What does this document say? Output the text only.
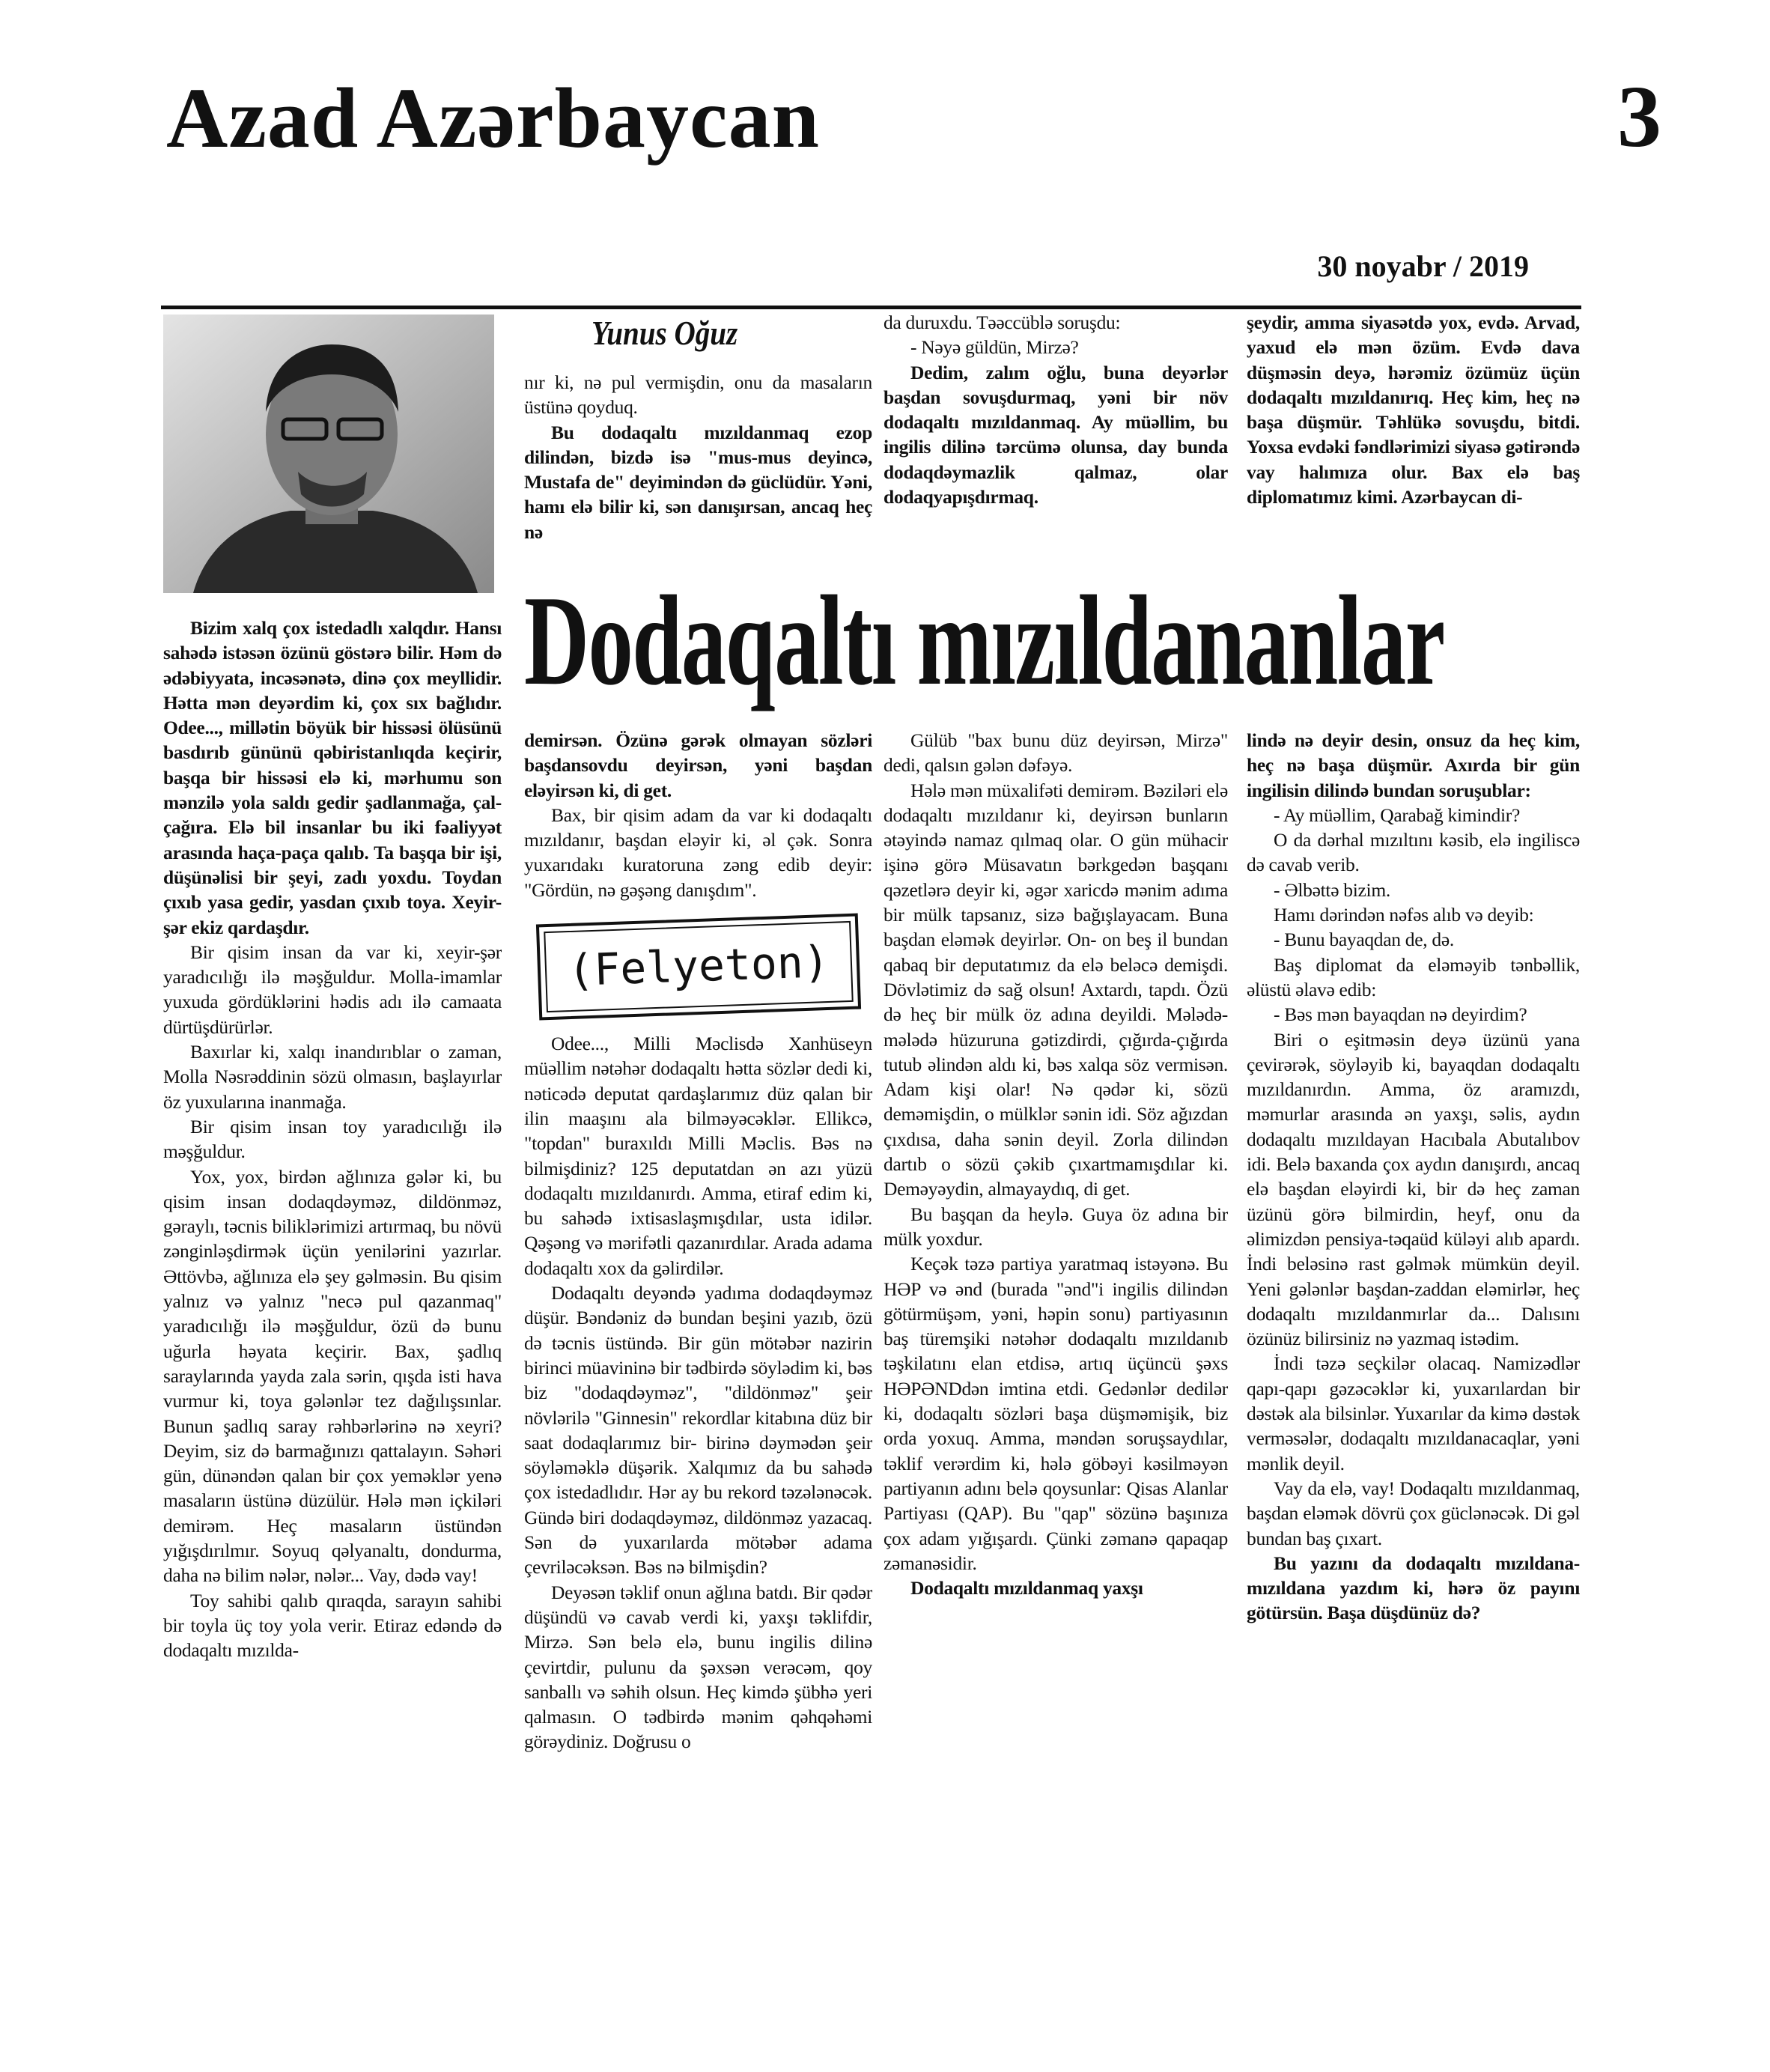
Azad Azərbaycan	3
30 noyabr / 2019
Yunus Oğuz
Dodaqaltı mızıldananlar

nır ki, nə pul vermişdin, onu da masaların üstünə qoyduq.

Bu dodaqaltı mızıldanmaq ezop dilindən, bizdə isə "mus-mus deyincə, Mustafa de" deyimindən də güclüdür. Yəni, hamı elə bilir ki, sən danışırsan, ancaq heç nə

da duruxdu. Təəccüblə soruşdu:

- Nəyə güldün, Mirzə?

Dedim, zalım oğlu, buna deyərlər başdan sovuşdurmaq, yəni bir növ dodaqaltı mızıldanmaq. Ay müəllim, bu ingilis dilinə tərcümə olunsa, day bunda dodaqdəymazlik qalmaz, olar dodaqyapışdırmaq.

şeydir, amma siyasətdə yox, evdə. Arvad, yaxud elə mən özüm. Evdə dava düşməsin deyə, hərəmiz özümüz üçün dodaqaltı mızıldanırıq. Heç kim, heç nə başa düşmür. Təhlükə sovuşdu, bitdi. Yoxsa evdəki fəndlərimizi siyasə gətirəndə vay halımıza olur. Bax elə baş diplomatımız kimi. Azərbaycan di-

Bizim xalq çox istedadlı xalqdır. Hansı sahədə istəsən özünü göstərə bilir. Həm də ədəbiyyata, incəsənətə, dinə çox meyllidir. Hətta mən deyərdim ki, çox sıx bağlıdır. Odee..., millətin böyük bir hissəsi ölüsünü basdırıb gününü qəbiristanlıqda keçirir, başqa bir hissəsi elə ki, mərhumu son mənzilə yola saldı gedir şadlanmağa, çal-çağıra. Elə bil insanlar bu iki fəaliyyət arasında haça-paça qalıb. Ta başqa bir işi, düşünəlisi bir şeyi, zadı yoxdu. Toydan çıxıb yasa gedir, yasdan çıxıb toya. Xeyir-şər ekiz qardaşdır.

Bir qisim insan da var ki, xeyir-şər yaradıcılığı ilə məşğuldur. Molla-imamlar yuxuda gördüklərini hədis adı ilə camaata dürtüşdürürlər.

Baxırlar ki, xalqı inandırıblar o zaman, Molla Nəsrəddinin sözü olmasın, başlayırlar öz yuxularına inanmağa.

Bir qisim insan toy yaradıcılığı ilə məşğuldur.

Yox, yox, birdən ağlınıza gələr ki, bu qisim insan dodaqdəyməz, dildönməz, gəraylı, təcnis biliklərimizi artırmaq, bu növü zənginləşdirmək üçün yenilərini yazırlar. Əttövbə, ağlınıza elə şey gəlməsin. Bu qisim yalnız və yalnız "necə pul qazanmaq" yaradıcılığı ilə məşğuldur, özü də bunu uğurla həyata keçirir. Bax, şadlıq saraylarında yayda zala sərin, qışda isti hava vurmur ki, toya gələnlər tez dağılışsınlar. Bunun şadlıq saray rəhbərlərinə nə xeyri? Deyim, siz də barmağınızı qattalayın. Səhəri gün, dünəndən qalan bir çox yeməklər yenə masaların üstünə düzülür. Hələ mən içkiləri demirəm. Heç masaların üstündən yığışdırılmır. Soyuq qəlyanaltı, dondurma, daha nə bilim nələr, nələr... Vay, dədə vay!

Toy sahibi qalıb qıraqda, sarayın sahibi bir toyla üç toy yola verir. Etiraz edəndə də dodaqaltı mızılda-

demirsən. Özünə gərək olmayan sözləri başdansovdu deyirsən, yəni başdan eləyirsən ki, di get.

Bax, bir qisim adam da var ki dodaqaltı mızıldanır, başdan eləyir ki, əl çək. Sonra yuxarıdakı kuratoruna zəng edib deyir: "Gördün, nə gəşəng danışdım".

(Felyeton)

Odee..., Milli Məclisdə Xanhüseyn müəllim nətəhər dodaqaltı hətta sözlər dedi ki, nəticədə deputat qardaşlarımız düz qalan bir ilin maaşını ala bilməyəcəklər. Ellikcə, "topdan" buraxıldı Milli Məclis. Bəs nə bilmişdiniz? 125 deputatdan ən azı yüzü dodaqaltı mızıldanırdı. Amma, etiraf edim ki, bu sahədə ixtisaslaşmışdılar, usta idilər. Qəşəng və mərifətli qazanırdılar. Arada adama dodaqaltı xox da gəlirdilər.

Dodaqaltı deyəndə yadıma dodaqdəyməz düşür. Bəndəniz də bundan beşini yazıb, özü də təcnis üstündə. Bir gün mötəbər nazirin birinci müavininə bir tədbirdə söylədim ki, bəs biz "dodaqdəyməz", "dildönməz" şeir növlərilə "Ginnesin" rekordlar kitabına düz bir saat dodaqlarımız bir- birinə dəymədən şeir söyləməklə düşərik. Xalqımız da bu sahədə çox istedadlıdır. Hər ay bu rekord təzələnəcək. Gündə biri dodaqdəyməz, dildönməz yazacaq. Sən də yuxarılarda mötəbər adama çevriləcəksən. Bəs nə bilmişdin?

Deyəsən təklif onun ağlına batdı. Bir qədər düşündü və cavab verdi ki, yaxşı təklifdir, Mirzə. Sən belə elə, bunu ingilis dilinə çevirtdir, pulunu da şəxsən verəcəm, qoy sanballı və səhih olsun. Heç kimdə şübhə yeri qalmasın. O tədbirdə mənim qəhqəhəmi görəydiniz. Doğrusu o

Gülüb "bax bunu düz deyirsən, Mirzə" dedi, qalsın gələn dəfəyə.

Hələ mən müxalifəti demirəm. Bəziləri elə dodaqaltı mızıldanır ki, deyirsən bunların ətəyində namaz qılmaq olar. O gün mühacir işinə görə Müsavatın bərkgedən başqanı qəzetlərə deyir ki, əgər xaricdə mənim adıma bir mülk tapsanız, sizə bağışlayacam. Buna başdan eləmək deyirlər. On- on beş il bundan qabaq bir deputatımız da elə beləcə demişdi. Dövlətimiz də sağ olsun! Axtardı, tapdı. Özü də heç bir mülk öz adına deyildi. Mələdə-mələdə hüzuruna gətizdirdi, çığırda-çığırda tutub əlindən aldı ki, bəs xalqa söz vermisən. Adam kişi olar! Nə qədər ki, sözü deməmişdin, o mülklər sənin idi. Söz ağızdan çıxdısa, daha sənin deyil. Zorla dilindən dartıb o sözü çəkib çıxartmamışdılar ki. Deməyəydin, almayaydıq, di get.

Bu başqan da heylə. Guya öz adına bir mülk yoxdur.

Keçək təzə partiya yaratmaq istəyənə. Bu HƏP və ənd (burada "ənd"i ingilis dilindən götürmüşəm, yəni, həpin sonu) partiyasının baş türemşiki nətəhər dodaqaltı mızıldanıb təşkilatını elan etdisə, artıq üçüncü şəxs HƏPƏNDdən imtina etdi. Gedənlər dedilər ki, dodaqaltı sözləri başa düşməmişik, biz orda yoxuq. Amma, məndən soruşsaydılar, təklif verərdim ki, hələ göbəyi kəsilməyən partiyanın adını belə qoysunlar: Qisas Alanlar Partiyası (QAP). Bu "qap" sözünə başınıza çox adam yığışardı. Çünki zəmanə qapaqap zəmanəsidir.

Dodaqaltı mızıldanmaq yaxşı

lində nə deyir desin, onsuz da heç kim, heç nə başa düşmür. Axırda bir gün ingilisin dilində bundan soruşublar:

- Ay müəllim, Qarabağ kimindir?

O da dərhal mızıltını kəsib, elə ingiliscə də cavab verib.

- Əlbəttə bizim.

Hamı dərindən nəfəs alıb və deyib:

- Bunu bayaqdan de, də.

Baş diplomat da eləməyib tənbəllik, əlüstü əlavə edib:

- Bəs mən bayaqdan nə deyirdim?

Biri o eşitməsin deyə üzünü yana çevirərək, söyləyib ki, bayaqdan dodaqaltı mızıldanırdın. Amma, öz aramızdı, məmurlar arasında ən yaxşı, səlis, aydın dodaqaltı mızıldayan Hacıbala Abutalıbov idi. Belə baxanda çox aydın danışırdı, ancaq elə başdan eləyirdi ki, bir də heç zaman üzünü görə bilmirdin, heyf, onu da əlimizdən pensiya-təqaüd küləyi alıb apardı. İndi beləsinə rast gəlmək mümkün deyil. Yeni gələnlər başdan-zaddan eləmirlər, heç dodaqaltı mızıldanmırlar da... Dalısını özünüz bilirsiniz nə yazmaq istədim.

İndi təzə seçkilər olacaq. Namizədlər qapı-qapı gəzəcəklər ki, yuxarılardan bir dəstək ala bilsinlər. Yuxarılar da kimə dəstək verməsələr, dodaqaltı mızıldanacaqlar, yəni mənlik deyil.

Vay da elə, vay! Dodaqaltı mızıldanmaq, başdan eləmək dövrü çox güclənəcək. Di gəl bundan baş çıxart.

Bu yazını da dodaqaltı mızıldana-mızıldana yazdım ki, hərə öz payını götürsün. Başa düşdünüz də?
